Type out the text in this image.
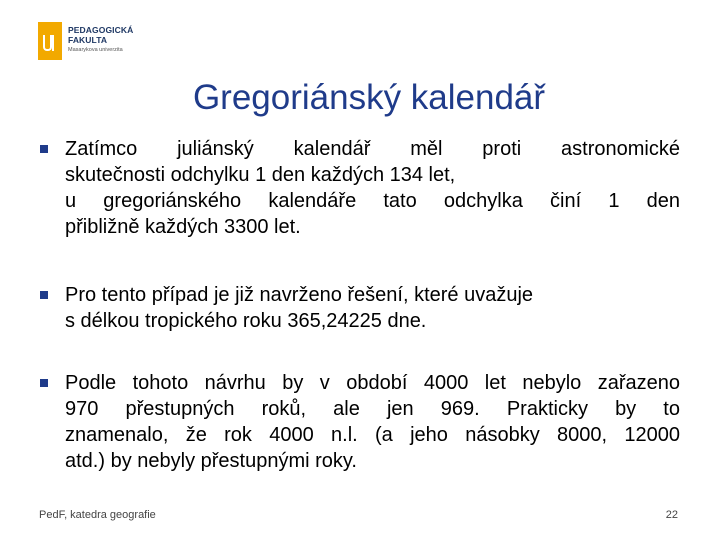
PEDAGOGICKÁ
FAKULTA
Masarykova univerzita
Gregoriánský kalendář
Zatímco juliánský kalendář měl proti astronomické
skutečnosti odchylku 1 den každých 134 let,
u gregoriánského kalendáře tato odchylka činí 1 den
přibližně každých 3300 let.
Pro tento případ je již navrženo řešení, které uvažuje
s délkou tropického roku 365,24225 dne.
Podle tohoto návrhu by v období 4000 let nebylo zařazeno
970 přestupných roků, ale jen 969. Prakticky by to
znamenalo, že rok 4000 n.l. (a jeho násobky 8000, 12000
atd.) by nebyly přestupnými roky.
PedF, katedra geografie	22
